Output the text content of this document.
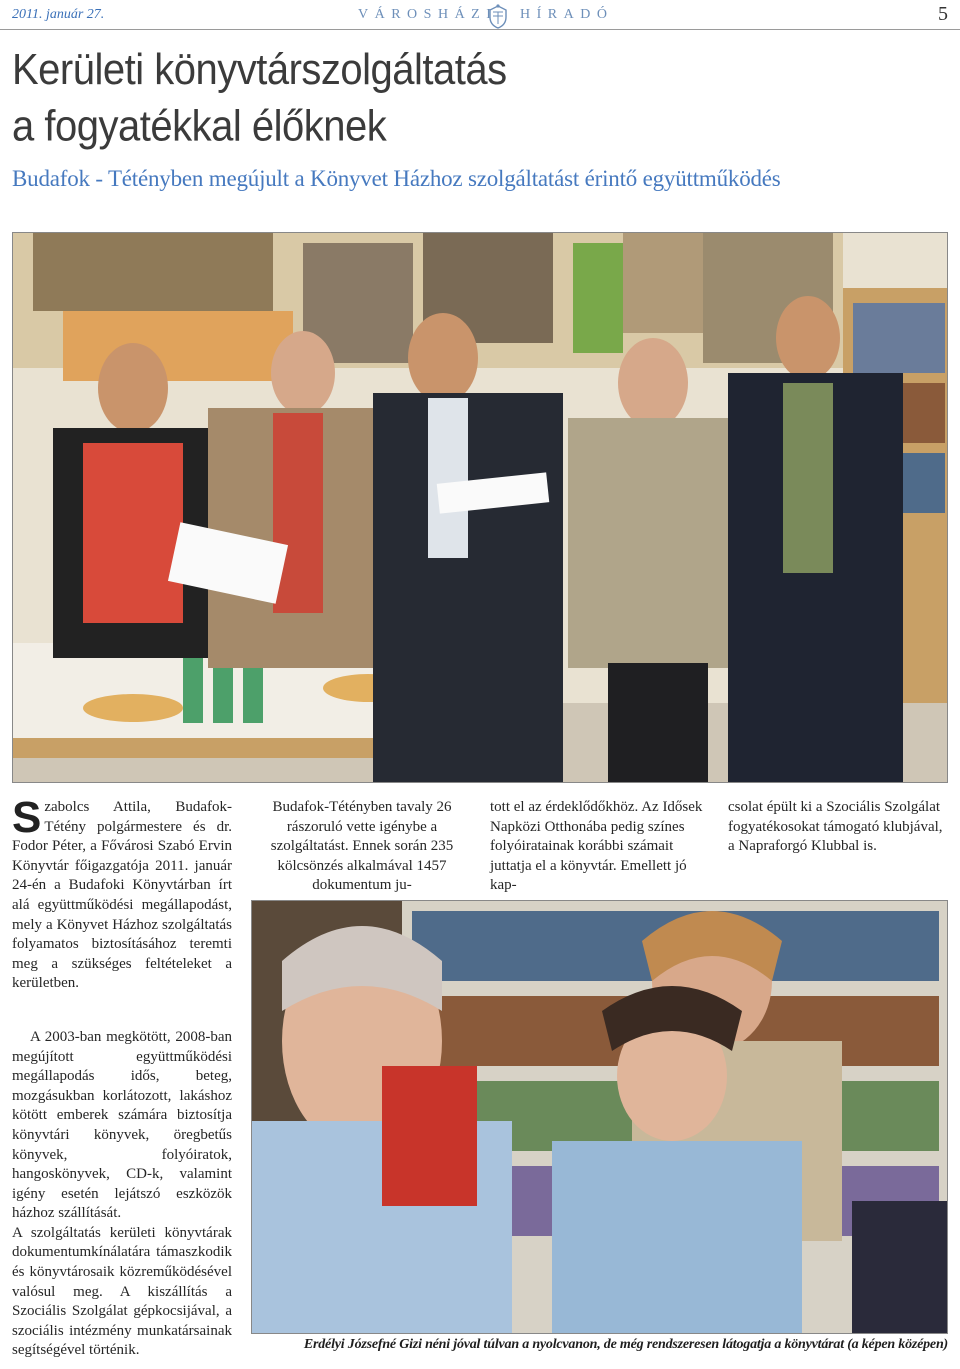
2011. január 27.	VÁROSHÁZI HÍRADÓ	5
Kerületi könyvtárszolgáltatás
a fogyatékkal élőknek
Budafok - Tétényben megújult a Könyvet Házhoz szolgáltatást érintő együttműködés

Szabolcs Attila, Budafok-Tétény polgármestere és dr. Fodor Péter, a Fővárosi Szabó Ervin Könyvtár főigazgatója 2011. január 24-én a Budafoki Könyvtárban írt alá együttműködési megállapodást, mely a Könyvet Házhoz szolgáltatás folyamatos biztosításához teremti meg a szükséges feltételeket a kerületben.

A 2003-ban megkötött, 2008-ban megújított együttműködési megállapodás idős, beteg, mozgásukban korlátozott, lakáshoz kötött emberek számára biztosítja könyvtári könyvek, öregbetűs könyvek, folyóiratok, hangoskönyvek, CD-k, valamint igény esetén lejátszó eszközök házhoz szállítását.

A szolgáltatás kerületi könyvtárak dokumentumkínálatára támaszkodik és könyvtárosaik közreműködésével valósul meg. A kiszállítás a Szociális Szolgálat gépkocsijával, a szociális intézmény munkatársainak segítségével történik.

Budafok-Tétényben tavaly 26 rászoruló vette igénybe a szolgáltatást. Ennek során 235 kölcsönzés alkalmával 1457 dokumentum ju-

tott el az érdeklődőkhöz. Az Idősek Napközi Otthonába pedig színes folyóiratainak korábbi számait juttatja el a könyvtár. Emellett jó kap-

csolat épült ki a Szociális Szolgálat fogyatékosokat támogató klubjával, a Napraforgó Klubbal is.

Erdélyi Józsefné Gizi néni jóval túlvan a nyolcvanon, de még rendszeresen látogatja a könyvtárat (a képen középen)
